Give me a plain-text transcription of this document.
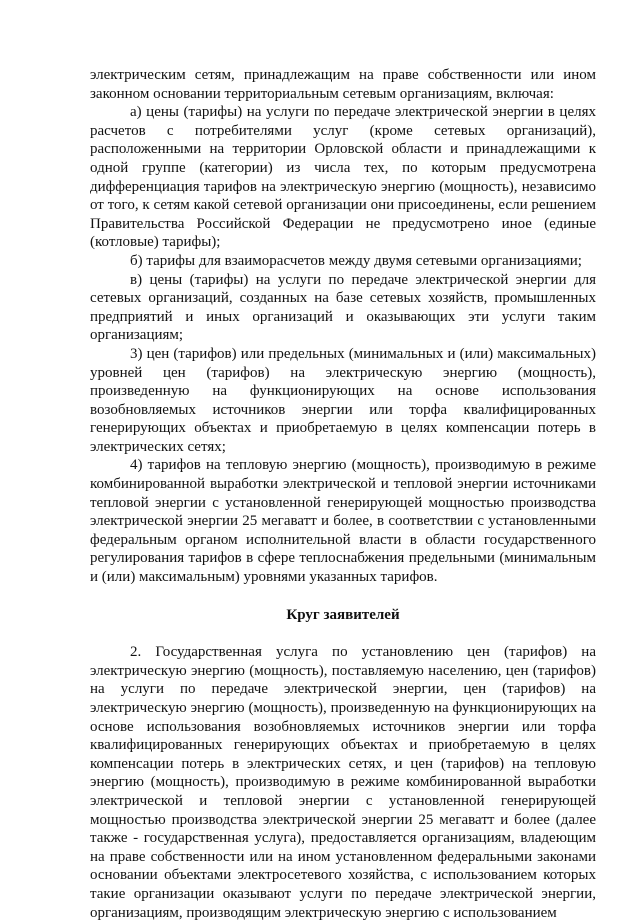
электрическим сетям, принадлежащим на праве собственности или ином законном основании территориальным сетевым организациям, включая:

а) цены (тарифы) на услуги по передаче электрической энергии в целях расчетов с потребителями услуг (кроме сетевых организаций), расположенными на территории Орловской области и принадлежащими к одной группе (категории) из числа тех, по которым предусмотрена дифференциация тарифов на электрическую энергию (мощность), независимо от того, к сетям какой сетевой организации они присоединены, если решением Правительства Российской Федерации не предусмотрено иное (единые (котловые) тарифы);

б) тарифы для взаиморасчетов между двумя сетевыми организациями;

в) цены (тарифы) на услуги по передаче электрической энергии для сетевых организаций, созданных на базе сетевых хозяйств, промышленных предприятий и иных организаций и оказывающих эти услуги таким организациям;

3) цен (тарифов) или предельных (минимальных и (или) максимальных) уровней цен (тарифов) на электрическую энергию (мощность), произведенную на функционирующих на основе использования возобновляемых источников энергии или торфа квалифицированных генерирующих объектах и приобретаемую в целях компенсации потерь в электрических сетях;

4) тарифов на тепловую энергию (мощность), производимую в режиме комбинированной выработки электрической и тепловой энергии источниками тепловой энергии с установленной генерирующей мощностью производства электрической энергии 25 мегаватт и более, в соответствии с установленными федеральным органом исполнительной власти в области государственного регулирования тарифов в сфере теплоснабжения предельными (минимальным и (или) максимальным) уровнями указанных тарифов.

Круг заявителей

2. Государственная услуга по установлению цен (тарифов) на электрическую энергию (мощность), поставляемую населению, цен (тарифов) на услуги по передаче электрической энергии, цен (тарифов) на электрическую энергию (мощность), произведенную на функционирующих на основе использования возобновляемых источников энергии или торфа квалифицированных генерирующих объектах и приобретаемую в целях компенсации потерь в электрических сетях, и цен (тарифов) на тепловую энергию (мощность), производимую в режиме комбинированной выработки электрической и тепловой энергии с установленной генерирующей мощностью производства электрической энергии 25 мегаватт и более (далее также - государственная услуга), предоставляется организациям, владеющим на праве собственности или на ином установленном федеральными законами основании объектами электросетевого хозяйства, с использованием которых такие организации оказывают услуги по передаче электрической энергии, организациям, производящим электрическую энергию с использованием
